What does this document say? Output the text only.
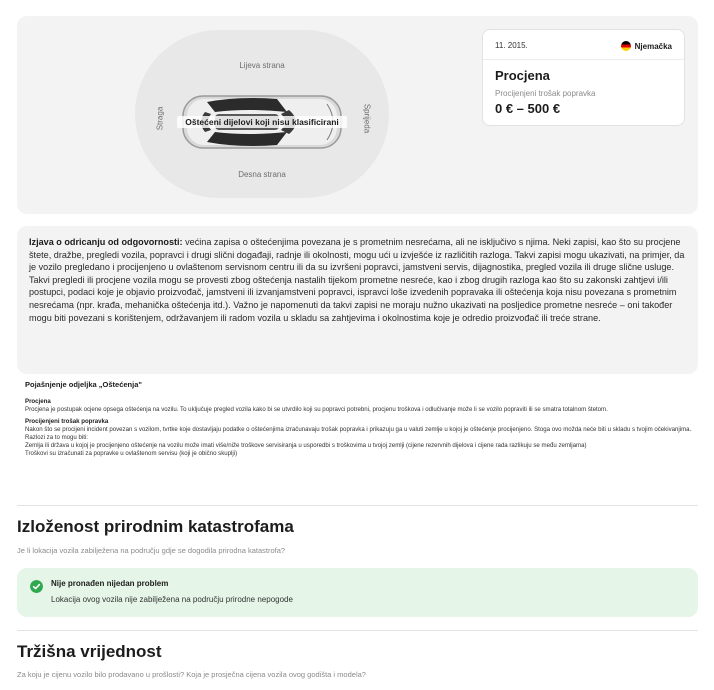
Lijeva strana
Desna strana
Straga	Sprijeda
Oštećeni dijelovi koji nisu klasificirani
11. 2015.	Njemačka
Procjena
Procijenjeni trošak popravka
0 € – 500 €
Izjava o odricanju od odgovornosti: većina zapisa o oštećenjima povezana je s prometnim nesrećama, ali ne isključivo s njima. Neki zapisi, kao što su procjene štete, dražbe, pregledi vozila, popravci i drugi slični događaji, radnje ili okolnosti, mogu ući u izvješće iz različitih razloga. Takvi zapisi mogu ukazivati, na primjer, da je vozilo pregledano i procijenjeno u ovlaštenom servisnom centru ili da su izvršeni popravci, jamstveni servis, dijagnostika, pregled vozila ili druge slične usluge. Takvi pregledi ili procjene vozila mogu se provesti zbog oštećenja nastalih tijekom prometne nesreće, kao i zbog drugih razloga kao što su zakonski zahtjevi i/ili postupci, podaci koje je objavio proizvođač, jamstveni ili izvanjamstveni popravci, ispravci loše izvedenih popravaka ili oštećenja koja nisu povezana s prometnim nesrećama (npr. krađa, mehanička oštećenja itd.). Važno je napomenuti da takvi zapisi ne moraju nužno ukazivati na posljedice prometne nesreće – oni također mogu biti povezani s korištenjem, održavanjem ili radom vozila u skladu sa zahtjevima i okolnostima koje je odredio proizvođač ili treće strane.
Pojašnjenje odjeljka „Oštećenja"
Procjena
Procjena je postupak ocjene opsega oštećenja na vozilu. To uključuje pregled vozila kako bi se utvrdilo koji su popravci potrebni, procjenu troškova i odlučivanje može li se vozilo popraviti ili se smatra totalnom štetom.
Procijenjeni trošak popravka
Nakon što se procijeni incident povezan s vozilom, tvrtke koje dostavljaju podatke o oštećenjima izračunavaju trošak popravka i prikazuju ga u valuti zemlje u kojoj je oštećenje procijenjeno. Stoga ovo možda neće biti u skladu s tvojim očekivanjima. Razlozi za to mogu biti:
Zemlja ili država u kojoj je procijenjeno oštećenje na vozilu može imati više/niže troškove servisiranja u usporedbi s troškovima u tvojoj zemlji (cijene rezervnih dijelova i cijene rada razlikuju se među zemljama)
Troškovi su izračunati za popravke u ovlaštenom servisu (koji je obično skuplji)
Izloženost prirodnim katastrofama
Je li lokacija vozila zabilježena na području gdje se dogodila prirodna katastrofa?
Nije pronađen nijedan problem
Lokacija ovog vozila nije zabilježena na području prirodne nepogode
Tržišna vrijednost
Za koju je cijenu vozilo bilo prodavano u prošlosti? Koja je prosječna cijena vozila ovog godišta i modela?
